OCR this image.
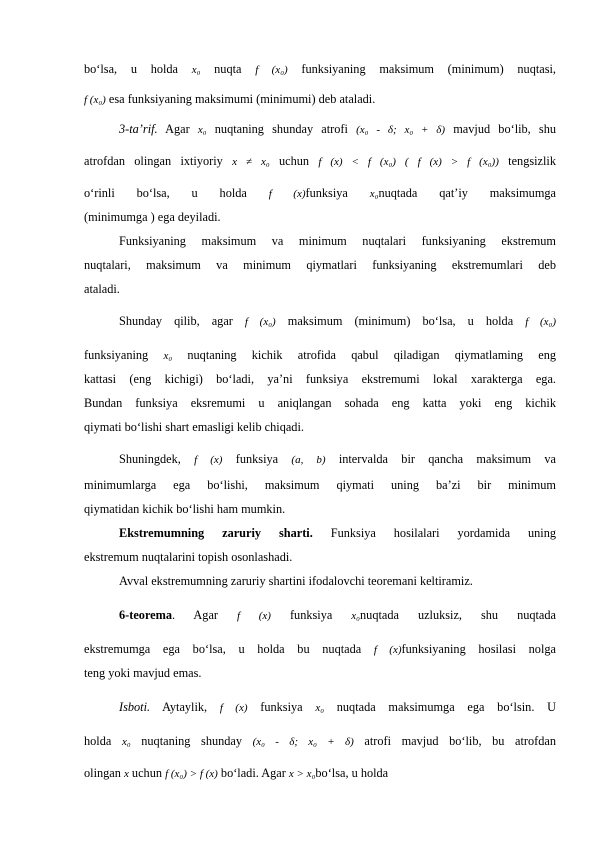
bo‘lsa, u holda x₀ nuqta f (x₀) funksiyaning maksimum (minimum) nuqtasi,

f (x₀) esa funksiyaning maksimumi (minimumi) deb ataladi.

3-ta’rif. Agar x₀ nuqtaning shunday atrofi (x₀ - δ; x₀ + δ) mavjud bo‘lib, shu

atrofdan olingan ixtiyoriy x ≠ x₀ uchun f (x) < f (x₀) ( f (x) > f (x₀)) tengsizlik

o‘rinli bo‘lsa, u holda f (x)funksiya x₀nuqtada qat’iy maksimumga

(minimumga ) ega deyiladi.

Funksiyaning maksimum va minimum nuqtalari funksiyaning ekstremum

nuqtalari, maksimum va minimum qiymatlari funksiyaning ekstremumlari deb

ataladi.

Shunday qilib, agar f (x₀) maksimum (minimum) bo‘lsa, u holda f (x₀)

funksiyaning x₀ nuqtaning kichik atrofida qabul qiladigan qiymatlaming eng

kattasi (eng kichigi) bo‘ladi, ya’ni funksiya ekstremumi lokal xarakterga ega.

Bundan funksiya eksremumi u aniqlangan sohada eng katta yoki eng kichik

qiymati bo‘lishi shart emasligi kelib chiqadi.

Shuningdek, f (x) funksiya (a, b) intervalda bir qancha maksimum va

minimumlarga ega bo‘lishi, maksimum qiymati uning ba’zi bir minimum

qiymatidan kichik bo‘lishi ham mumkin.

Ekstremumning zaruriy sharti. Funksiya hosilalari yordamida uning

ekstremum nuqtalarini topish osonlashadi.

Avval ekstremumning zaruriy shartini ifodalovchi teoremani keltiramiz.

6-teorema. Agar f (x) funksiya x₀nuqtada uzluksiz, shu nuqtada

ekstremumga ega bo‘lsa, u holda bu nuqtada f (x)funksiyaning hosilasi nolga

teng yoki mavjud emas.

Isboti. Aytaylik, f (x) funksiya x₀ nuqtada maksimumga ega bo‘lsin. U

holda x₀ nuqtaning shunday (x₀ - δ; x₀ + δ) atrofi mavjud bo‘lib, bu atrofdan

olingan x uchun f (x₀) > f (x) bo‘ladi. Agar x > x₀bo‘lsa, u holda
